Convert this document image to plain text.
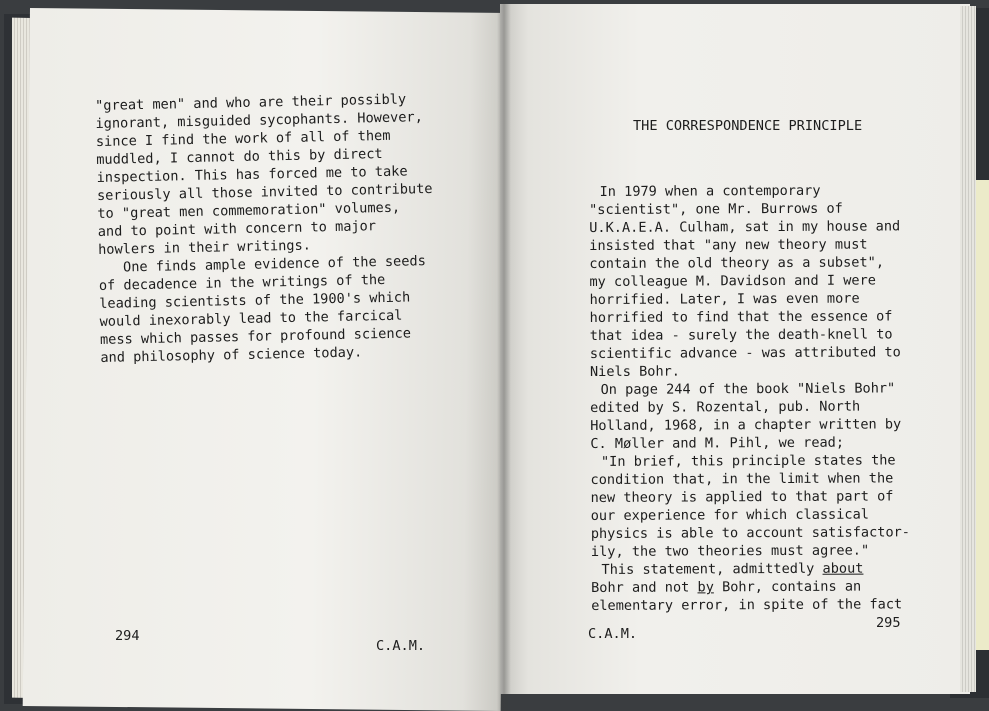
"great men" and who are their possibly
ignorant, misguided sycophants. However,
since I find the work of all of them
muddled, I cannot do this by direct
inspection. This has forced me to take
seriously all those invited to contribute
to "great men commemoration" volumes,
and to point with concern to major
howlers in their writings.
One finds ample evidence of the seeds
of decadence in the writings of the
leading scientists of the 1900's which
would inexorably lead to the farcical
mess which passes for profound science
and philosophy of science today.
294
C.A.M.
THE CORRESPONDENCE PRINCIPLE
In 1979 when a contemporary
"scientist", one Mr. Burrows of
U.K.A.E.A. Culham, sat in my house and
insisted that "any new theory must
contain the old theory as a subset",
my colleague M. Davidson and I were
horrified. Later, I was even more
horrified to find that the essence of
that idea - surely the death-knell to
scientific advance - was attributed to
Niels Bohr.
On page 244 of the book "Niels Bohr"
edited by S. Rozental, pub. North
Holland, 1968, in a chapter written by
C. Møller and M. Pihl, we read;
"In brief, this principle states the
condition that, in the limit when the
new theory is applied to that part of
our experience for which classical
physics is able to account satisfactor-
ily, the two theories must agree."
This statement, admittedly about
Bohr and not by Bohr, contains an
elementary error, in spite of the fact
C.A.M.
295
